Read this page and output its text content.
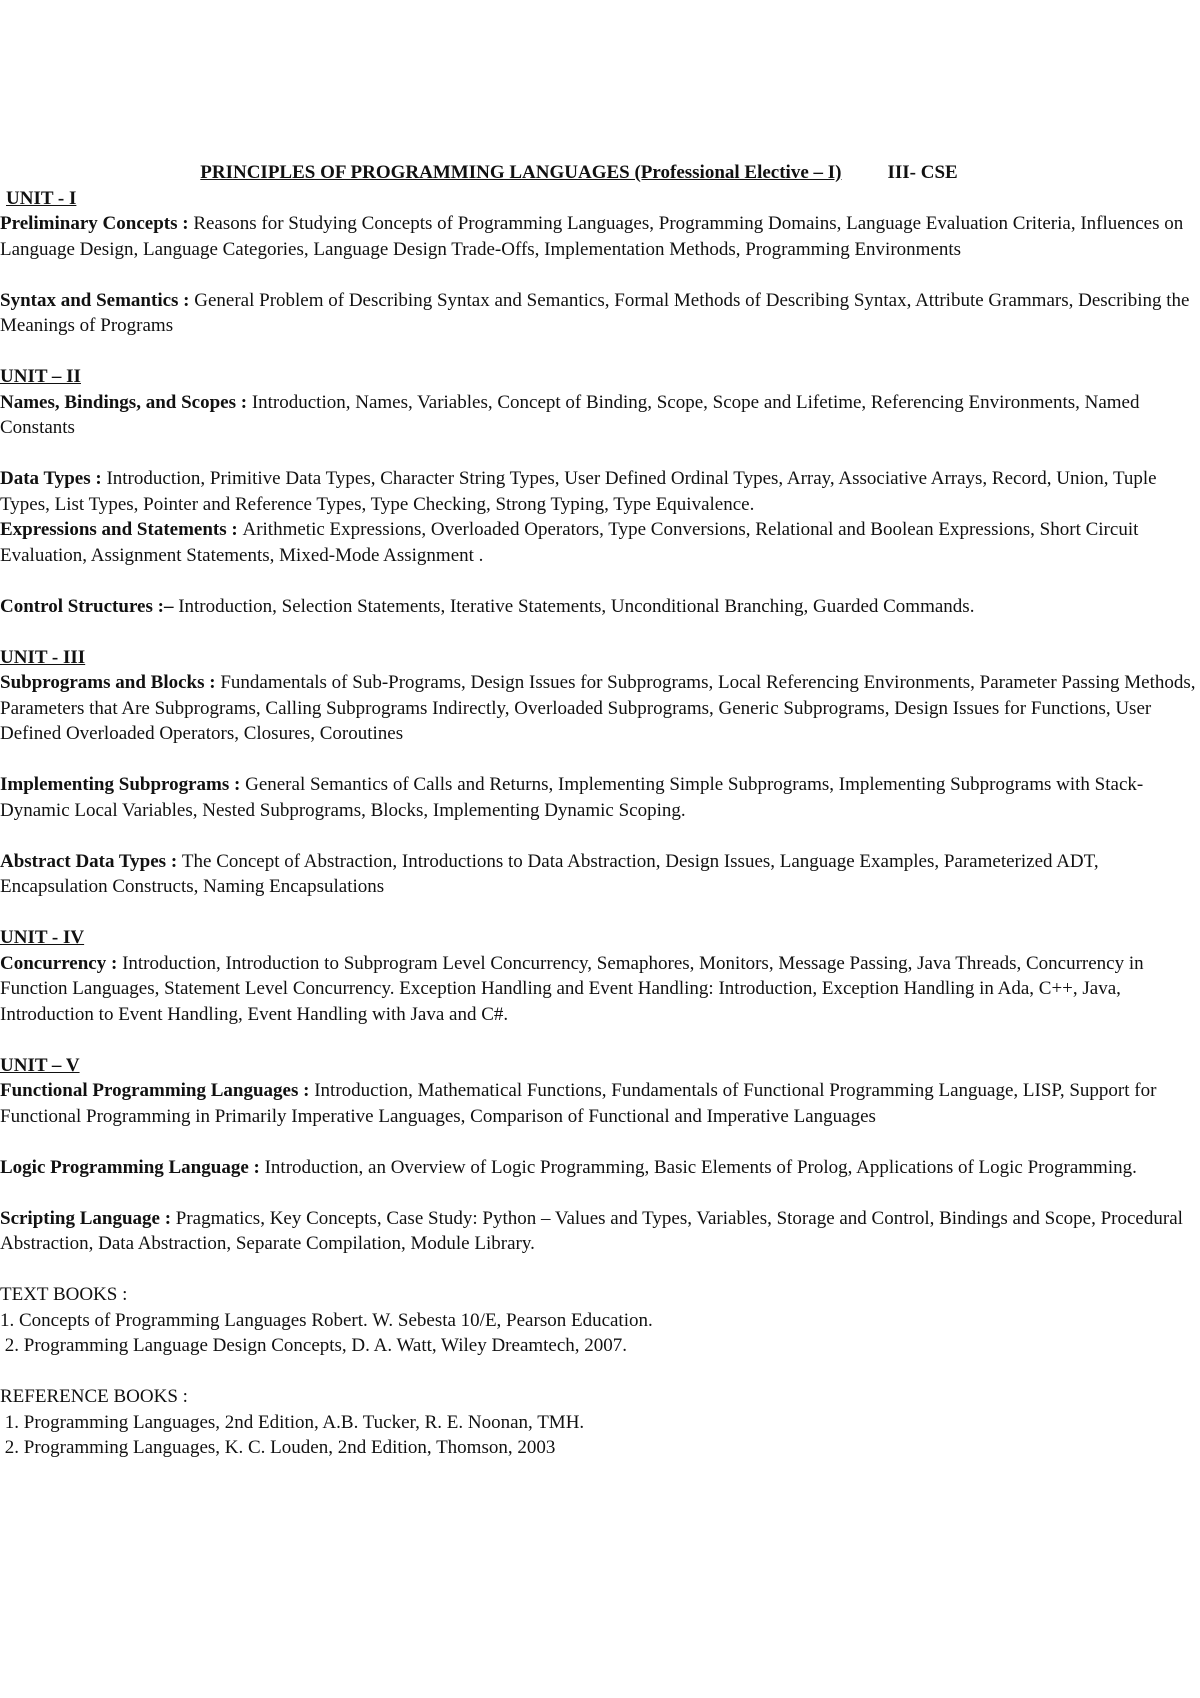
PRINCIPLES OF PROGRAMMING LANGUAGES (Professional Elective – I) III- CSE
UNIT - I

Preliminary Concepts : Reasons for Studying Concepts of Programming Languages, Programming Domains, Language Evaluation Criteria, Influences on Language Design, Language Categories, Language Design Trade-Offs, Implementation Methods, Programming Environments

Syntax and Semantics : General Problem of Describing Syntax and Semantics, Formal Methods of Describing Syntax, Attribute Grammars, Describing the Meanings of Programs

UNIT – II

Names, Bindings, and Scopes : Introduction, Names, Variables, Concept of Binding, Scope, Scope and Lifetime, Referencing Environments, Named Constants

Data Types : Introduction, Primitive Data Types, Character String Types, User Defined Ordinal Types, Array, Associative Arrays, Record, Union, Tuple Types, List Types, Pointer and Reference Types, Type Checking, Strong Typing, Type Equivalence.

Expressions and Statements : Arithmetic Expressions, Overloaded Operators, Type Conversions, Relational and Boolean Expressions, Short Circuit Evaluation, Assignment Statements, Mixed-Mode Assignment .

Control Structures :– Introduction, Selection Statements, Iterative Statements, Unconditional Branching, Guarded Commands.

UNIT - III

Subprograms and Blocks : Fundamentals of Sub-Programs, Design Issues for Subprograms, Local Referencing Environments, Parameter Passing Methods, Parameters that Are Subprograms, Calling Subprograms Indirectly, Overloaded Subprograms, Generic Subprograms, Design Issues for Functions, User Defined Overloaded Operators, Closures, Coroutines

Implementing Subprograms : General Semantics of Calls and Returns, Implementing Simple Subprograms, Implementing Subprograms with Stack-Dynamic Local Variables, Nested Subprograms, Blocks, Implementing Dynamic Scoping.

Abstract Data Types : The Concept of Abstraction, Introductions to Data Abstraction, Design Issues, Language Examples, Parameterized ADT, Encapsulation Constructs, Naming Encapsulations

UNIT - IV

Concurrency : Introduction, Introduction to Subprogram Level Concurrency, Semaphores, Monitors, Message Passing, Java Threads, Concurrency in Function Languages, Statement Level Concurrency. Exception Handling and Event Handling: Introduction, Exception Handling in Ada, C++, Java, Introduction to Event Handling, Event Handling with Java and C#.

UNIT – V

Functional Programming Languages : Introduction, Mathematical Functions, Fundamentals of Functional Programming Language, LISP, Support for Functional Programming in Primarily Imperative Languages, Comparison of Functional and Imperative Languages

Logic Programming Language : Introduction, an Overview of Logic Programming, Basic Elements of Prolog, Applications of Logic Programming.

Scripting Language : Pragmatics, Key Concepts, Case Study: Python – Values and Types, Variables, Storage and Control, Bindings and Scope, Procedural Abstraction, Data Abstraction, Separate Compilation, Module Library.

TEXT BOOKS :
1. Concepts of Programming Languages Robert. W. Sebesta 10/E, Pearson Education.
2. Programming Language Design Concepts, D. A. Watt, Wiley Dreamtech, 2007.
REFERENCE BOOKS :
1. Programming Languages, 2nd Edition, A.B. Tucker, R. E. Noonan, TMH.
2. Programming Languages, K. C. Louden, 2nd Edition, Thomson, 2003
